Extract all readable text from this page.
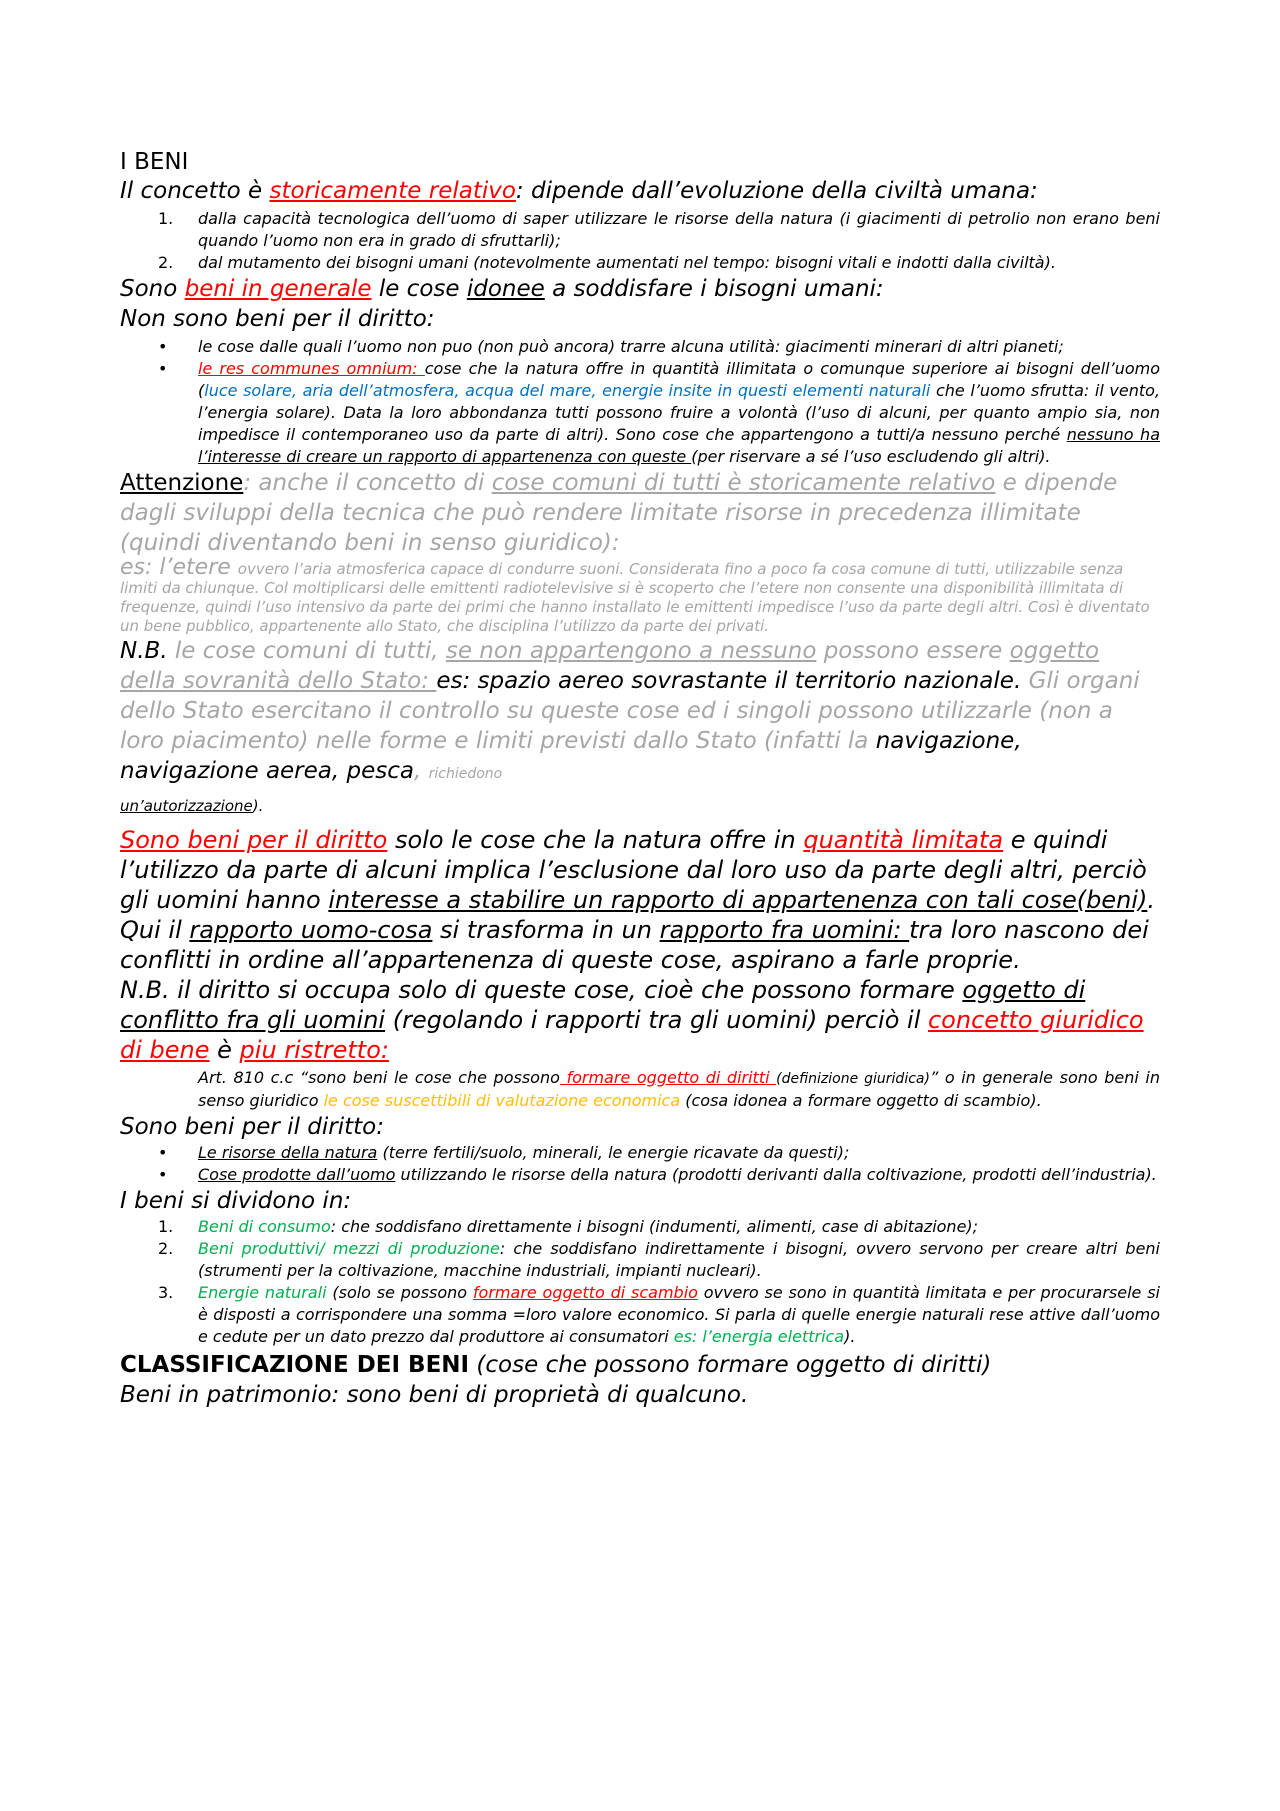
I BENI

Il concetto è storicamente relativo: dipende dall’evoluzione della civiltà umana:

1. dalla capacità tecnologica dell’uomo di saper utilizzare le risorse della natura (i giacimenti di petrolio non erano beni quando l’uomo non era in grado di sfruttarli);
2. dal mutamento dei bisogni umani (notevolmente aumentati nel tempo: bisogni vitali e indotti dalla civiltà).

Sono beni in generale le cose idonee a soddisfare i bisogni umani:

Non sono beni per il diritto:

• le cose dalle quali l’uomo non puo (non può ancora) trarre alcuna utilità: giacimenti minerari di altri pianeti;
• le res communes omnium: cose che la natura offre in quantità illimitata o comunque superiore ai bisogni dell’uomo (luce solare, aria dell’atmosfera, acqua del mare, energie insite in questi elementi naturali che l’uomo sfrutta: il vento, l’energia solare). Data la loro abbondanza tutti possono fruire a volontà (l’uso di alcuni, per quanto ampio sia, non impedisce il contemporaneo uso da parte di altri). Sono cose che appartengono a tutti/a nessuno perché nessuno ha l’interesse di creare un rapporto di appartenenza con queste (per riservare a sé l’uso escludendo gli altri).

Attenzione: anche il concetto di cose comuni di tutti è storicamente relativo e dipende dagli sviluppi della tecnica che può rendere limitate risorse in precedenza illimitate (quindi diventando beni in senso giuridico):

es: l’etere ovvero l’aria atmosferica capace di condurre suoni. Considerata fino a poco fa cosa comune di tutti, utilizzabile senza limiti da chiunque. Col moltiplicarsi delle emittenti radiotelevisive si è scoperto che l’etere non consente una disponibilità illimitata di frequenze, quindi l’uso intensivo da parte dei primi che hanno installato le emittenti impedisce l’uso da parte degli altri. Così è diventato un bene pubblico, appartenente allo Stato, che disciplina l’utilizzo da parte dei privati.

N.B. le cose comuni di tutti, se non appartengono a nessuno possono essere oggetto della sovranità dello Stato: es: spazio aereo sovrastante il territorio nazionale. Gli organi dello Stato esercitano il controllo su queste cose ed i singoli possono utilizzarle (non a loro piacimento) nelle forme e limiti previsti dallo Stato (infatti la navigazione, navigazione aerea, pesca, richiedono
un’autorizzazione).

Sono beni per il diritto solo le cose che la natura offre in quantità limitata e quindi l’utilizzo da parte di alcuni implica l’esclusione dal loro uso da parte degli altri, perciò gli uomini hanno interesse a stabilire un rapporto di appartenenza con tali cose(beni). Qui il rapporto uomo-cosa si trasforma in un rapporto fra uomini: tra loro nascono dei conflitti in ordine all’appartenenza di queste cose, aspirano a farle proprie.

N.B. il diritto si occupa solo di queste cose, cioè che possono formare oggetto di conflitto fra gli uomini (regolando i rapporti tra gli uomini) perciò il concetto giuridico di bene è piu ristretto:

Art. 810 c.c “sono beni le cose che possono formare oggetto di diritti (definizione giuridica)” o in generale sono beni in senso giuridico le cose suscettibili di valutazione economica (cosa idonea a formare oggetto di scambio).

Sono beni per il diritto:

• Le risorse della natura (terre fertili/suolo, minerali, le energie ricavate da questi);
• Cose prodotte dall’uomo utilizzando le risorse della natura (prodotti derivanti dalla coltivazione, prodotti dell’industria).

I beni si dividono in:

1. Beni di consumo: che soddisfano direttamente i bisogni (indumenti, alimenti, case di abitazione);
2. Beni produttivi/ mezzi di produzione: che soddisfano indirettamente i bisogni, ovvero servono per creare altri beni (strumenti per la coltivazione, macchine industriali, impianti nucleari).
3. Energie naturali (solo se possono formare oggetto di scambio ovvero se sono in quantità limitata e per procurarsele si è disposti a corrispondere una somma =loro valore economico. Si parla di quelle energie naturali rese attive dall’uomo e cedute per un dato prezzo dal produttore ai consumatori es: l’energia elettrica).

CLASSIFICAZIONE DEI BENI (cose che possono formare oggetto di diritti)

Beni in patrimonio: sono beni di proprietà di qualcuno.
